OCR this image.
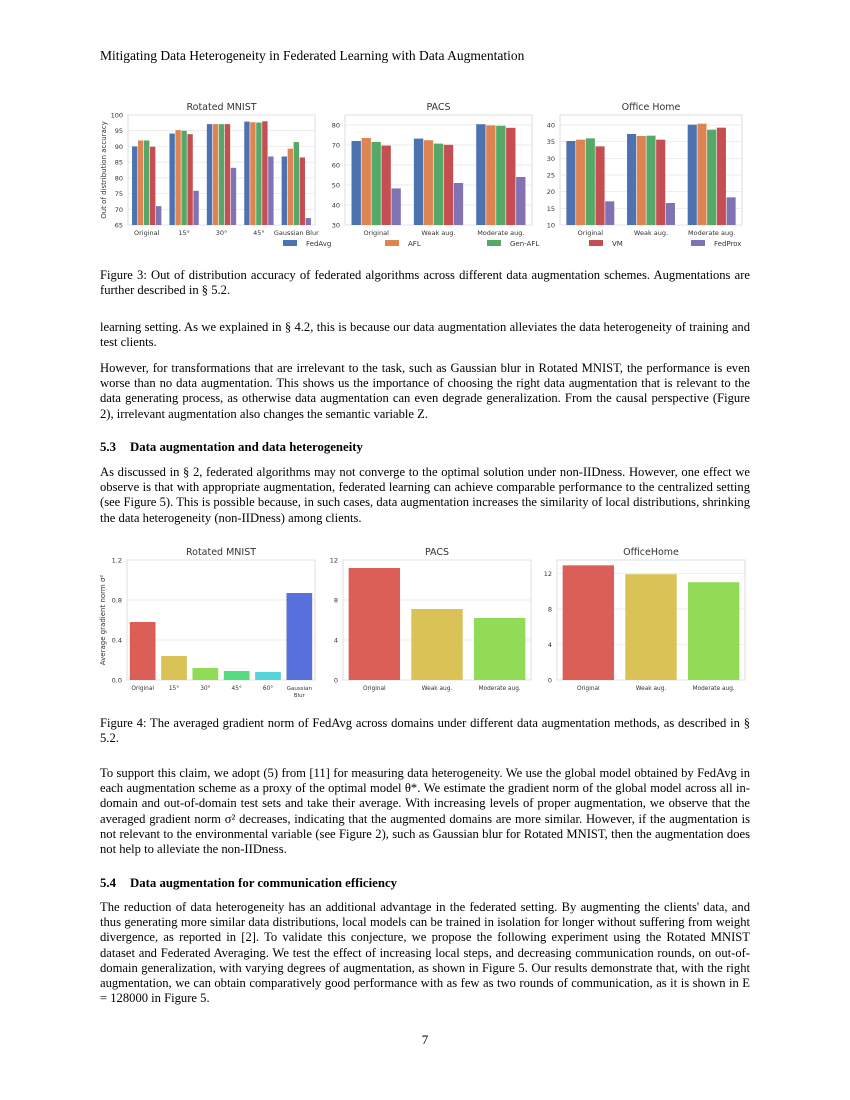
Mitigating Data Heterogeneity in Federated Learning with Data Augmentation
Rotated MNIST
65
70
75
80
85
90
95
100
Out of distribution accuracy
Original	15°	30°	45° Gaussian Blur
PACS
30
40
50
60
70
80
Original	Weak aug.	Moderate aug.
Office Home
10
15
20
25
30
35
40
Original	Weak aug.	Moderate aug.
FedAvg	AFL	Gen-AFL	VM	FedProx
Figure 3: Out of distribution accuracy of federated algorithms across different data augmentation schemes. Augmentations are further described in § 5.2.
learning setting. As we explained in § 4.2, this is because our data augmentation alleviates the data heterogeneity of training and test clients.
However, for transformations that are irrelevant to the task, such as Gaussian blur in Rotated MNIST, the performance is even worse than no data augmentation. This shows us the importance of choosing the right data augmentation that is relevant to the data generating process, as otherwise data augmentation can even degrade generalization. From the causal perspective (Figure 2), irrelevant augmentation also changes the semantic variable Z.
5.3 Data augmentation and data heterogeneity
As discussed in § 2, federated algorithms may not converge to the optimal solution under non-IIDness. However, one effect we observe is that with appropriate augmentation, federated learning can achieve comparable performance to the centralized setting (see Figure 5). This is possible because, in such cases, data augmentation increases the similarity of local distributions, shrinking the data heterogeneity (non-IIDness) among clients.
Rotated MNIST
0.0
0.4
0.8
1.2
Average gradient norm σ²
Original	15°	30°	45°	60° Gaussian
Blur
PACS
0
4
8
12
Original	Weak aug.	Moderate aug.
OfficeHome
0
4
8
12
Original	Weak aug.	Moderate aug.
Figure 4: The averaged gradient norm of FedAvg across domains under different data augmentation methods, as described in § 5.2.
To support this claim, we adopt (5) from [11] for measuring data heterogeneity. We use the global model obtained by FedAvg in each augmentation scheme as a proxy of the optimal model θ*. We estimate the gradient norm of the global model across all in-domain and out-of-domain test sets and take their average. With increasing levels of proper augmentation, we observe that the averaged gradient norm σ² decreases, indicating that the augmented domains are more similar. However, if the augmentation is not relevant to the environmental variable (see Figure 2), such as Gaussian blur for Rotated MNIST, then the augmentation does not help to alleviate the non-IIDness.
5.4 Data augmentation for communication efficiency
The reduction of data heterogeneity has an additional advantage in the federated setting. By augmenting the clients' data, and thus generating more similar data distributions, local models can be trained in isolation for longer without suffering from weight divergence, as reported in [2]. To validate this conjecture, we propose the following experiment using the Rotated MNIST dataset and Federated Averaging. We test the effect of increasing local steps, and decreasing communication rounds, on out-of-domain generalization, with varying degrees of augmentation, as shown in Figure 5. Our results demonstrate that, with the right augmentation, we can obtain comparatively good performance with as few as two rounds of communication, as it is shown in E = 128000 in Figure 5.
7
